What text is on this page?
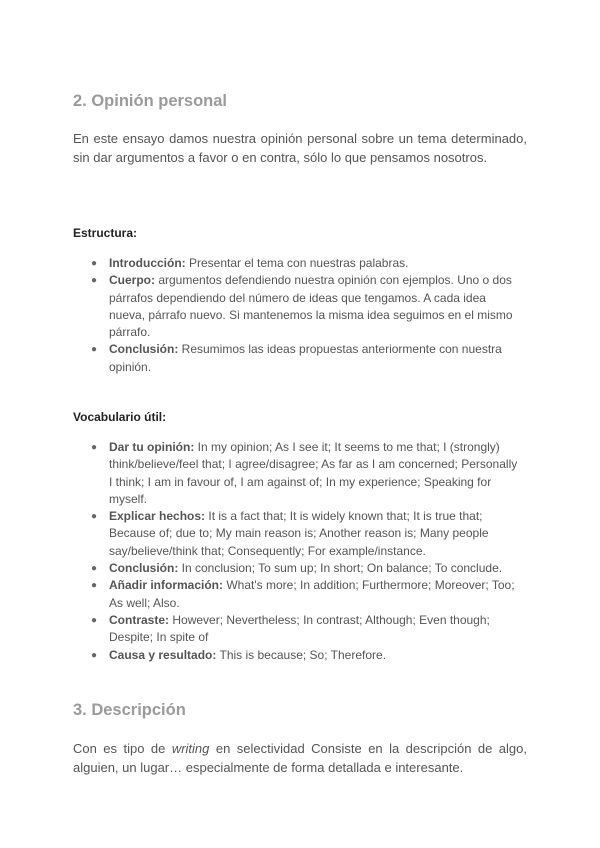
2. Opinión personal

En este ensayo damos nuestra opinión personal sobre un tema determinado, sin dar argumentos a favor o en contra, sólo lo que pensamos nosotros.

Estructura:

● Introducción: Presentar el tema con nuestras palabras.
● Cuerpo: argumentos defendiendo nuestra opinión con ejemplos. Uno o dos párrafos dependiendo del número de ideas que tengamos. A cada idea nueva, párrafo nuevo. Si mantenemos la misma idea seguimos en el mismo párrafo.
● Conclusión: Resumimos las ideas propuestas anteriormente con nuestra opinión.

Vocabulario útil:

● Dar tu opinión: In my opinion; As I see it; It seems to me that; I (strongly) think/believe/feel that; I agree/disagree; As far as I am concerned; Personally I think; I am in favour of, I am against of; In my experience; Speaking for myself.
● Explicar hechos: It is a fact that; It is widely known that; It is true that; Because of; due to; My main reason is; Another reason is; Many people say/believe/think that; Consequently; For example/instance.
● Conclusión: In conclusion; To sum up; In short; On balance; To conclude.
● Añadir información: What's more; In addition; Furthermore; Moreover; Too; As well; Also.
● Contraste: However; Nevertheless; In contrast; Although; Even though; Despite; In spite of
● Causa y resultado: This is because; So; Therefore.
3. Descripción

Con es tipo de writing en selectividad Consiste en la descripción de algo, alguien, un lugar… especialmente de forma detallada e interesante.
